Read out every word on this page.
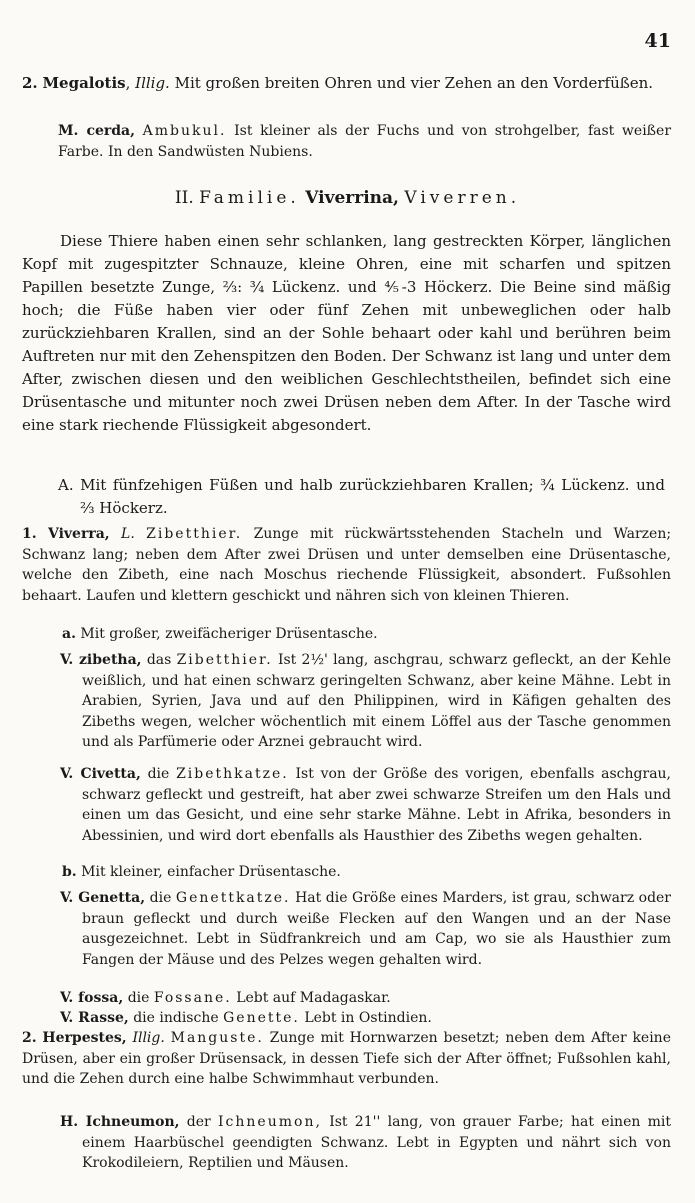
41
2. Megalotis, Illig. Mit großen breiten Ohren und vier Zehen an den Vorderfüßen.
M. cerda, Ambukul. Ist kleiner als der Fuchs und von strohgelber, fast weißer Farbe. In den Sandwüsten Nubiens.
II. Familie. Viverrina, Viverren.
Diese Thiere haben einen sehr schlanken, lang gestreckten Körper, länglichen Kopf mit zugespitzter Schnauze, kleine Ohren, eine mit scharfen und spitzen Papillen besetzte Zunge, ⅔: ¾ Lückenz. und ⅘-3 Höckerz. Die Beine sind mäßig hoch; die Füße haben vier oder fünf Zehen mit unbeweglichen oder halb zurückziehbaren Krallen, sind an der Sohle behaart oder kahl und berühren beim Auftreten nur mit den Zehenspitzen den Boden. Der Schwanz ist lang und unter dem After, zwischen diesen und den weiblichen Geschlechtstheilen, befindet sich eine Drüsentasche und mitunter noch zwei Drüsen neben dem After. In der Tasche wird eine stark riechende Flüssigkeit abgesondert.
A. Mit fünfzehigen Füßen und halb zurückziehbaren Krallen; ¾ Lückenz. und ⅔ Höckerz.
1. Viverra, L. Zibetthier. Zunge mit rückwärtsstehenden Stacheln und Warzen; Schwanz lang; neben dem After zwei Drüsen und unter demselben eine Drüsentasche, welche den Zibeth, eine nach Moschus riechende Flüssigkeit, absondert. Fußsohlen behaart. Laufen und klettern geschickt und nähren sich von kleinen Thieren.
a. Mit großer, zweifächeriger Drüsentasche.
V. zibetha, das Zibetthier. Ist 2½' lang, aschgrau, schwarz gefleckt, an der Kehle weißlich, und hat einen schwarz geringelten Schwanz, aber keine Mähne. Lebt in Arabien, Syrien, Java und auf den Philippinen, wird in Käfigen gehalten des Zibeths wegen, welcher wöchentlich mit einem Löffel aus der Tasche genommen und als Parfümerie oder Arznei gebraucht wird.
V. Civetta, die Zibethkatze. Ist von der Größe des vorigen, ebenfalls aschgrau, schwarz gefleckt und gestreift, hat aber zwei schwarze Streifen um den Hals und einen um das Gesicht, und eine sehr starke Mähne. Lebt in Afrika, besonders in Abessinien, und wird dort ebenfalls als Hausthier des Zibeths wegen gehalten.
b. Mit kleiner, einfacher Drüsentasche.
V. Genetta, die Genettkatze. Hat die Größe eines Marders, ist grau, schwarz oder braun gefleckt und durch weiße Flecken auf den Wangen und an der Nase ausgezeichnet. Lebt in Südfrankreich und am Cap, wo sie als Hausthier zum Fangen der Mäuse und des Pelzes wegen gehalten wird.
V. fossa, die Fossane. Lebt auf Madagaskar.
V. Rasse, die indische Genette. Lebt in Ostindien.
2. Herpestes, Illig. Manguste. Zunge mit Hornwarzen besetzt; neben dem After keine Drüsen, aber ein großer Drüsensack, in dessen Tiefe sich der After öffnet; Fußsohlen kahl, und die Zehen durch eine halbe Schwimmhaut verbunden.
H. Ichneumon, der Ichneumon, Ist 21'' lang, von grauer Farbe; hat einen mit einem Haarbüschel geendigten Schwanz. Lebt in Egypten und nährt sich von Krokodileiern, Reptilien und Mäusen.
